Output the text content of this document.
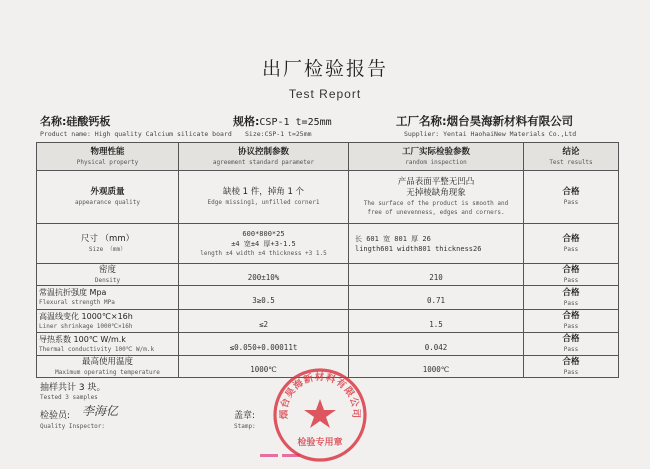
出厂检验报告
Test Report
名称:硅酸钙板	规格:CSP-1 t=25mm	工厂名称:烟台昊海新材料有限公司
Product name: High quality Calcium silicate board Size:CSP-1 t=25mm	Supplier: Yentai HaohaiNew Materials Co.,Ltd
物理性能
Physical property	协议控制参数
agreement standard parameter	工厂实际检验参数
random inspection	结论
Test results

外观质量
appearance quality	缺棱 1 件，掉角 1 个
Edge missing1, unfilled corner1	产品表面平整无凹凸
无掉棱缺角现象
The surface of the product is smooth and
free of unevenness, edges and corners.	合格
Pass

尺寸 （mm）
Size （mm）	600*800*25
±4 宽±4 厚+3-1.5
length ±4 width ±4 thickness +3 1.5	长 601 宽 801 厚 26
lingth601 width801 thickness26	合格
Pass

密度
Density	200±10%	210	合格
Pass

常温抗折强度 Mpa
Flexural strength MPa	3≥0.5	0.71	合格
Pass

高温线变化 1000℃×16h
Liner shrinkage 1000℃×16h	≤2	1.5	合格
Pass

导热系数 100℃ W/m.k
Thermal conductivity 100℃ W/m.k	≤0.050+0.00011t	0.042	合格
Pass

最高使用温度
Maximum operating temperature	1000℃	1000℃	合格
Pass
抽样共计 3 块。
Tested 3 samples
检验员: 李海亿
Quality Inspector:
盖章:
Stamp:
烟台昊海新材料有限公司
检验专用章
